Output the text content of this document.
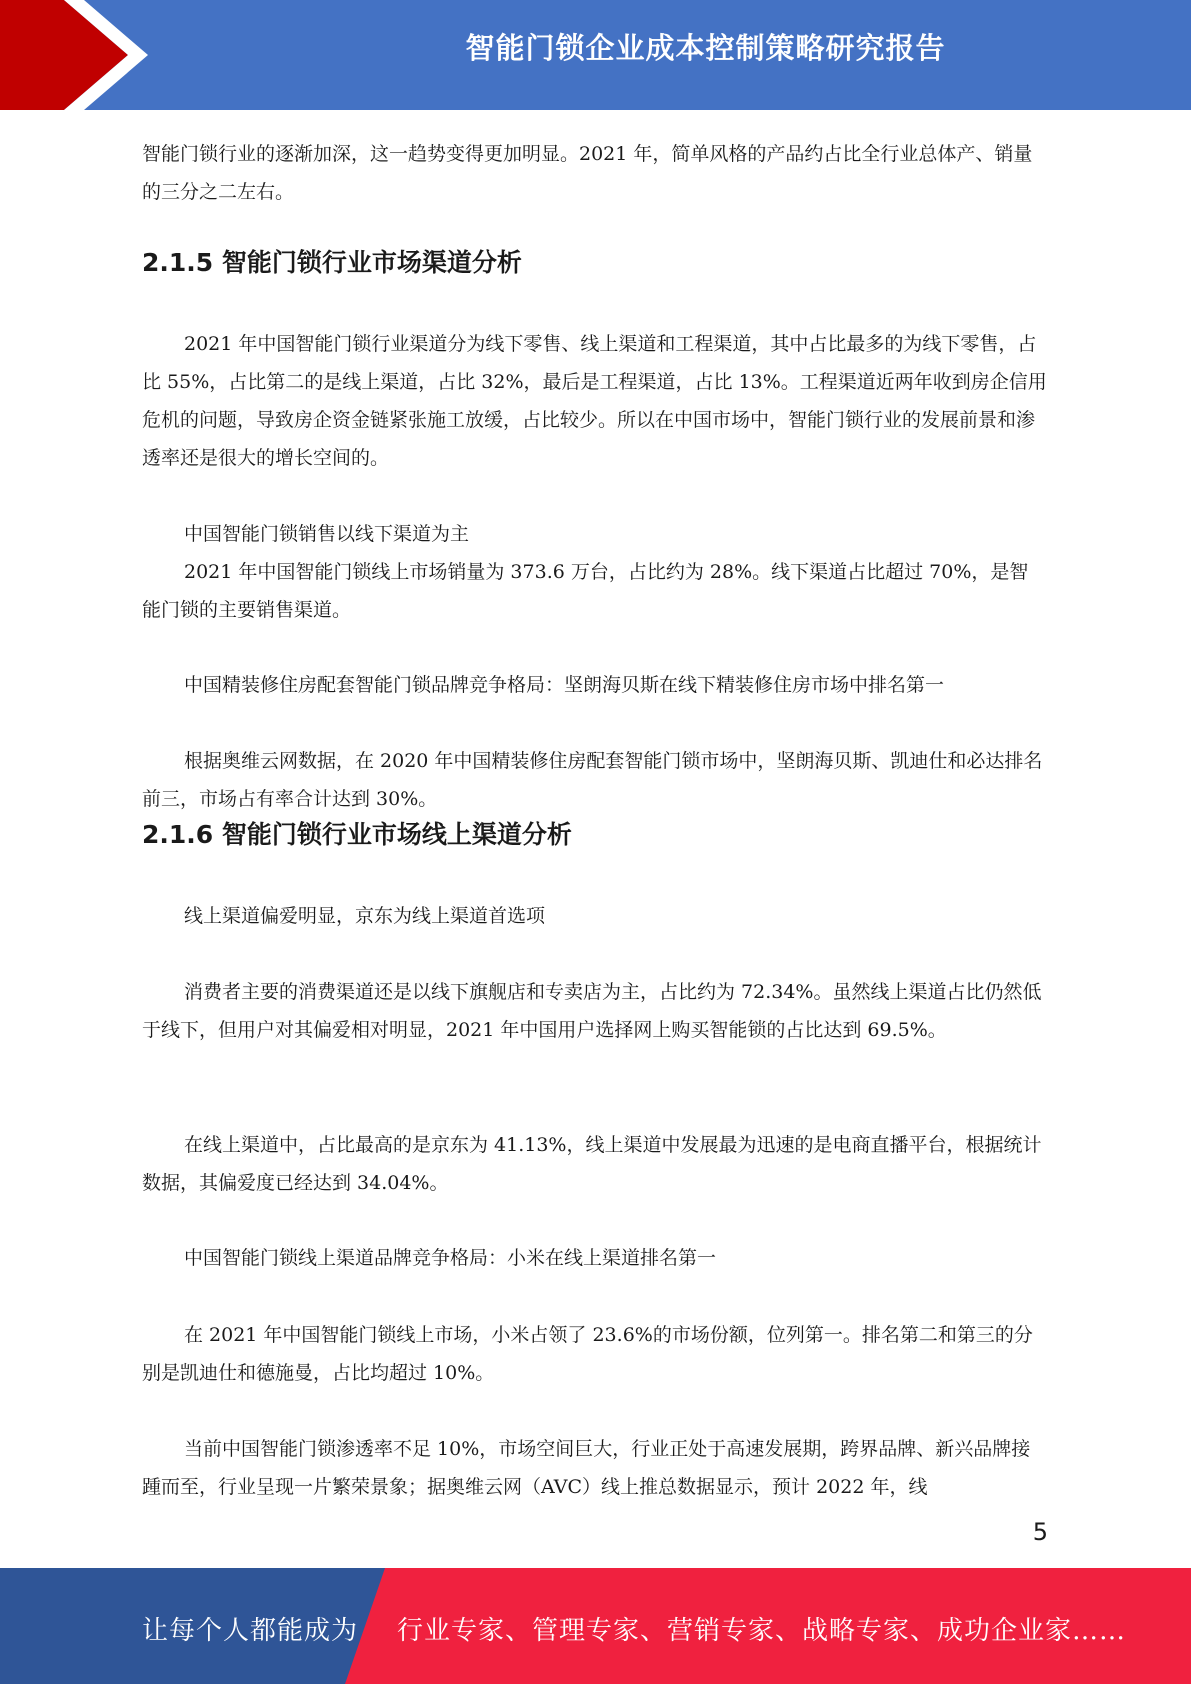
智能门锁企业成本控制策略研究报告

智能门锁行业的逐渐加深，这一趋势变得更加明显。2021 年，简单风格的产品约占比全行业总体产、销量的三分之二左右。

2.1.5 智能门锁行业市场渠道分析

2021 年中国智能门锁行业渠道分为线下零售、线上渠道和工程渠道，其中占比最多的为线下零售，占比 55%，占比第二的是线上渠道，占比 32%，最后是工程渠道，占比 13%。工程渠道近两年收到房企信用危机的问题，导致房企资金链紧张施工放缓，占比较少。所以在中国市场中，智能门锁行业的发展前景和渗透率还是很大的增长空间的。

中国智能门锁销售以线下渠道为主

2021 年中国智能门锁线上市场销量为 373.6 万台，占比约为 28%。线下渠道占比超过 70%，是智能门锁的主要销售渠道。

中国精装修住房配套智能门锁品牌竞争格局：坚朗海贝斯在线下精装修住房市场中排名第一

根据奥维云网数据，在 2020 年中国精装修住房配套智能门锁市场中，坚朗海贝斯、凯迪仕和必达排名前三，市场占有率合计达到 30%。

2.1.6 智能门锁行业市场线上渠道分析

线上渠道偏爱明显，京东为线上渠道首选项

消费者主要的消费渠道还是以线下旗舰店和专卖店为主，占比约为 72.34%。虽然线上渠道占比仍然低于线下，但用户对其偏爱相对明显，2021 年中国用户选择网上购买智能锁的占比达到 69.5%。

在线上渠道中，占比最高的是京东为 41.13%，线上渠道中发展最为迅速的是电商直播平台，根据统计数据，其偏爱度已经达到 34.04%。

中国智能门锁线上渠道品牌竞争格局：小米在线上渠道排名第一

在 2021 年中国智能门锁线上市场，小米占领了 23.6%的市场份额，位列第一。排名第二和第三的分别是凯迪仕和德施曼，占比均超过 10%。

当前中国智能门锁渗透率不足 10%，市场空间巨大，行业正处于高速发展期，跨界品牌、新兴品牌接踵而至，行业呈现一片繁荣景象；据奥维云网（AVC）线上推总数据显示，预计 2022 年，线

5
让每个人都能成为 行业专家、管理专家、营销专家、战略专家、成功企业家……
